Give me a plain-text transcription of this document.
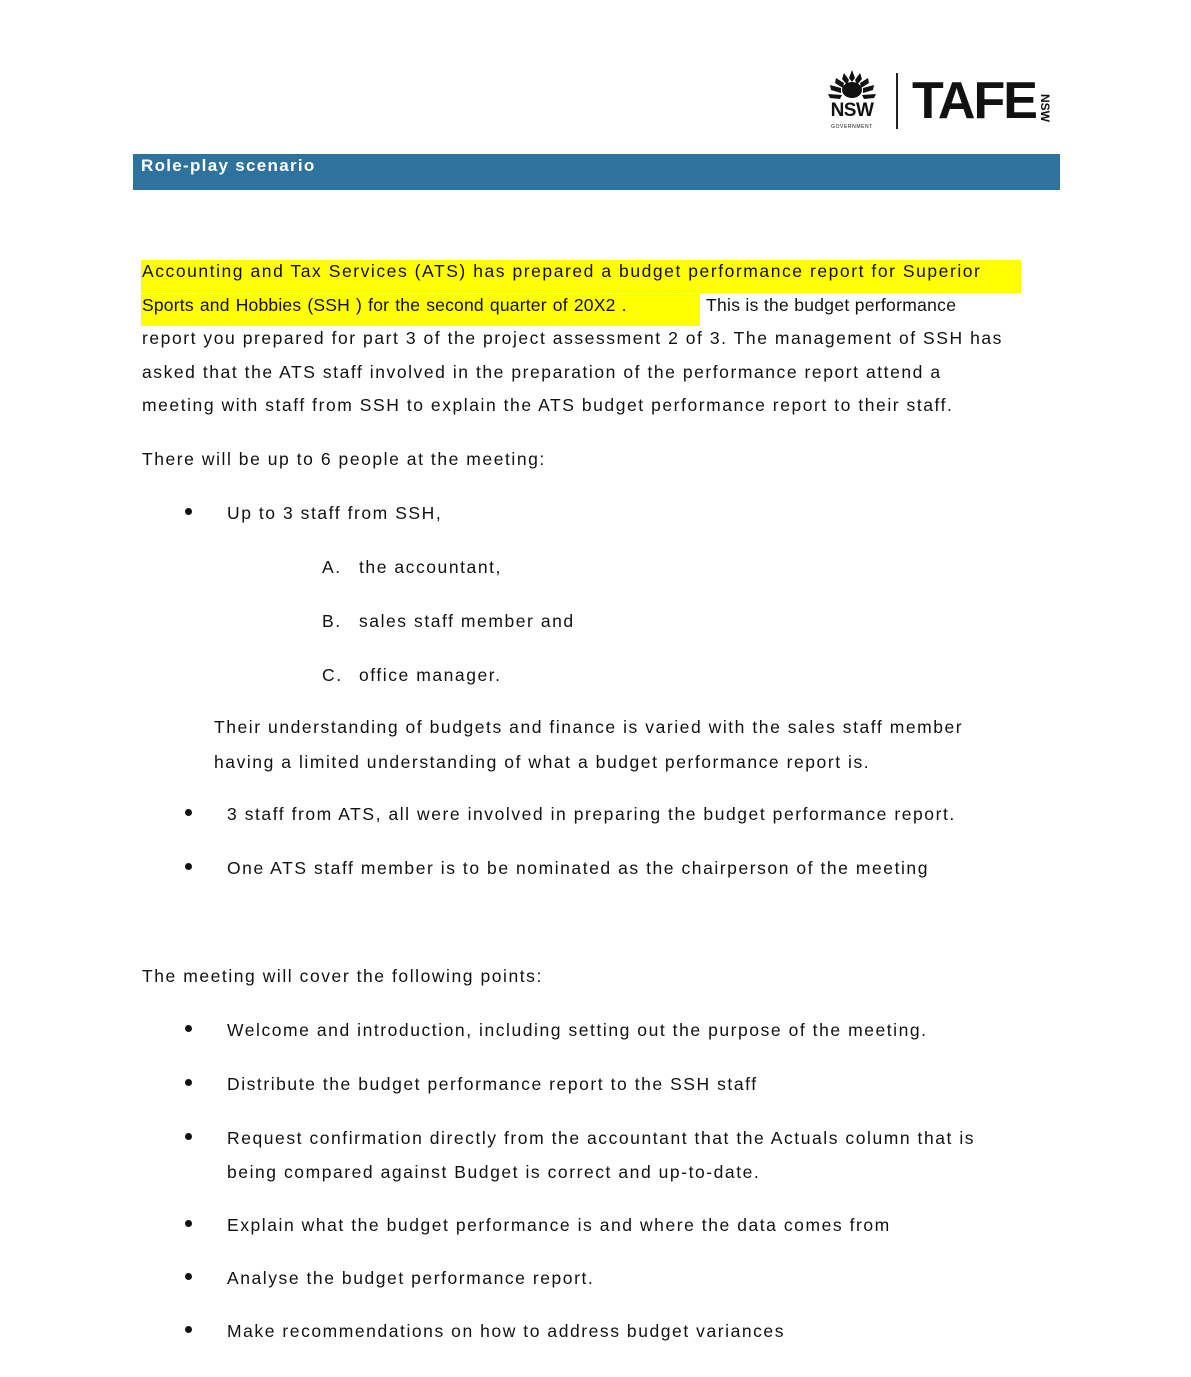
NSW
GOVERNMENT TAFE NSW
Role-play scenario
Accounting and Tax Services (ATS) has prepared a budget performance report for Superior
Sports and Hobbies (SSH ) for the second quarter of 20X2 .	This is the budget performance
report you prepared for part 3 of the project assessment 2 of 3. The management of SSH has
asked that the ATS staff involved in the preparation of the performance report attend a
meeting with staff from SSH to explain the ATS budget performance report to their staff.
There will be up to 6 people at the meeting:
Up to 3 staff from SSH,
A. the accountant,
B. sales staff member and
C. office manager.
Their understanding of budgets and finance is varied with the sales staff member
having a limited understanding of what a budget performance report is.
3 staff from ATS, all were involved in preparing the budget performance report.
One ATS staff member is to be nominated as the chairperson of the meeting
The meeting will cover the following points:
Welcome and introduction, including setting out the purpose of the meeting.
Distribute the budget performance report to the SSH staff
Request confirmation directly from the accountant that the Actuals column that is
being compared against Budget is correct and up-to-date.
Explain what the budget performance is and where the data comes from
Analyse the budget performance report.
Make recommendations on how to address budget variances
